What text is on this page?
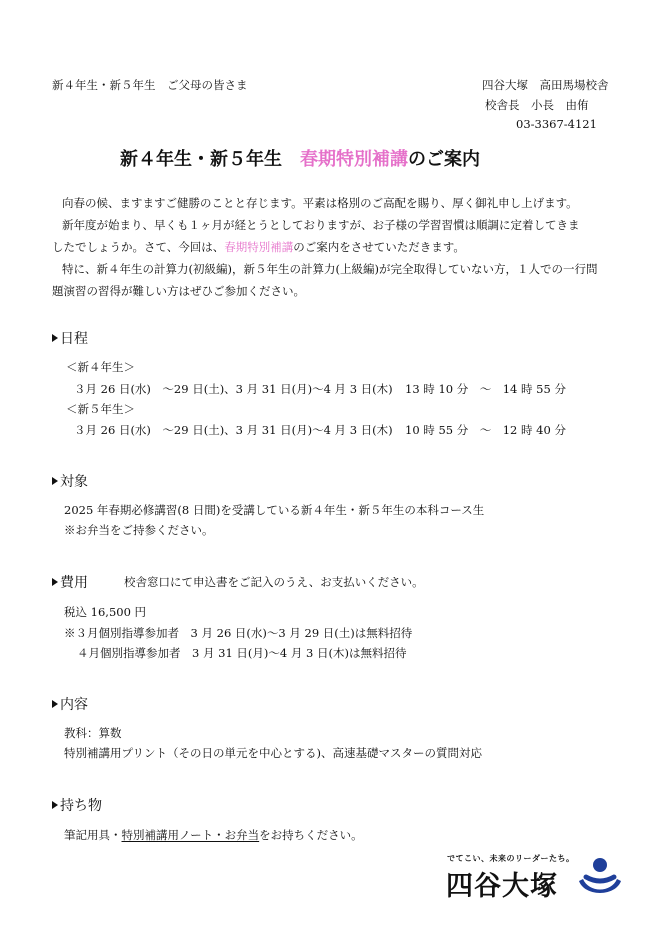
新４年生・新５年生　ご父母の皆さま	四谷大塚　高田馬場校舎
校舎長　小長　由侑
03-3367-4121
新４年生・新５年生　春期特別補講のご案内
向春の候、ますますご健勝のことと存じます。平素は格別のご高配を賜り、厚く御礼申し上げます。
新年度が始まり、早くも１ヶ月が経とうとしておりますが、お子様の学習習慣は順調に定着してきま
したでしょうか。さて、今回は、春期特別補講のご案内をさせていただきます。
特に、新４年生の計算力(初級編)，新５年生の計算力(上級編)が完全取得していない方，１人での一行問
題演習の習得が難しい方はぜひご参加ください。
日程
＜新４年生＞
３月 26 日(水)　～29 日(土)、3 月 31 日(月)～4 月 3 日(木) 13 時 10 分　～　14 時 55 分
＜新５年生＞
３月 26 日(水)　～29 日(土)、3 月 31 日(月)～4 月 3 日(木) 10 時 55 分　～　12 時 40 分
対象
2025 年春期必修講習(8 日間)を受講している新４年生・新５年生の本科コース生
※お弁当をご持参ください。
費用	校舎窓口にて申込書をご記入のうえ、お支払いください。
税込 16,500 円
※３月個別指導参加者　3 月 26 日(水)～3 月 29 日(土)は無料招待
４月個別指導参加者　3 月 31 日(月)～4 月 3 日(木)は無料招待
内容
教科：算数
特別補講用プリント（その日の単元を中心とする)、高速基礎マスターの質問対応
持ち物
筆記用具・特別補講用ノート・お弁当をお持ちください。
でてこい、未来のリーダーたち。
四谷大塚
